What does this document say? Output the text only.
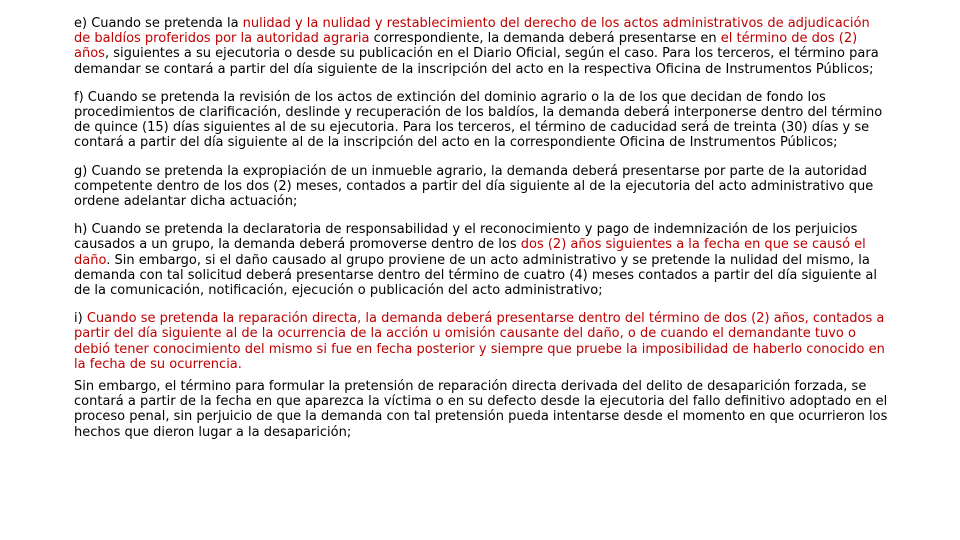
e) Cuando se pretenda la nulidad y la nulidad y restablecimiento del derecho de los actos administrativos de adjudicación de baldíos proferidos por la autoridad agraria correspondiente, la demanda deberá presentarse en el término de dos (2) años, siguientes a su ejecutoria o desde su publicación en el Diario Oficial, según el caso. Para los terceros, el término para demandar se contará a partir del día siguiente de la inscripción del acto en la respectiva Oficina de Instrumentos Públicos;

f) Cuando se pretenda la revisión de los actos de extinción del dominio agrario o la de los que decidan de fondo los procedimientos de clarificación, deslinde y recuperación de los baldíos, la demanda deberá interponerse dentro del término de quince (15) días siguientes al de su ejecutoria. Para los terceros, el término de caducidad será de treinta (30) días y se contará a partir del día siguiente al de la inscripción del acto en la correspondiente Oficina de Instrumentos Públicos;

g) Cuando se pretenda la expropiación de un inmueble agrario, la demanda deberá presentarse por parte de la autoridad competente dentro de los dos (2) meses, contados a partir del día siguiente al de la ejecutoria del acto administrativo que ordene adelantar dicha actuación;

h) Cuando se pretenda la declaratoria de responsabilidad y el reconocimiento y pago de indemnización de los perjuicios causados a un grupo, la demanda deberá promoverse dentro de los dos (2) años siguientes a la fecha en que se causó el daño. Sin embargo, si el daño causado al grupo proviene de un acto administrativo y se pretende la nulidad del mismo, la demanda con tal solicitud deberá presentarse dentro del término de cuatro (4) meses contados a partir del día siguiente al de la comunicación, notificación, ejecución o publicación del acto administrativo;

i) Cuando se pretenda la reparación directa, la demanda deberá presentarse dentro del término de dos (2) años, contados a partir del día siguiente al de la ocurrencia de la acción u omisión causante del daño, o de cuando el demandante tuvo o debió tener conocimiento del mismo si fue en fecha posterior y siempre que pruebe la imposibilidad de haberlo conocido en la fecha de su ocurrencia.

Sin embargo, el término para formular la pretensión de reparación directa derivada del delito de desaparición forzada, se contará a partir de la fecha en que aparezca la víctima o en su defecto desde la ejecutoria del fallo definitivo adoptado en el proceso penal, sin perjuicio de que la demanda con tal pretensión pueda intentarse desde el momento en que ocurrieron los hechos que dieron lugar a la desaparición;
